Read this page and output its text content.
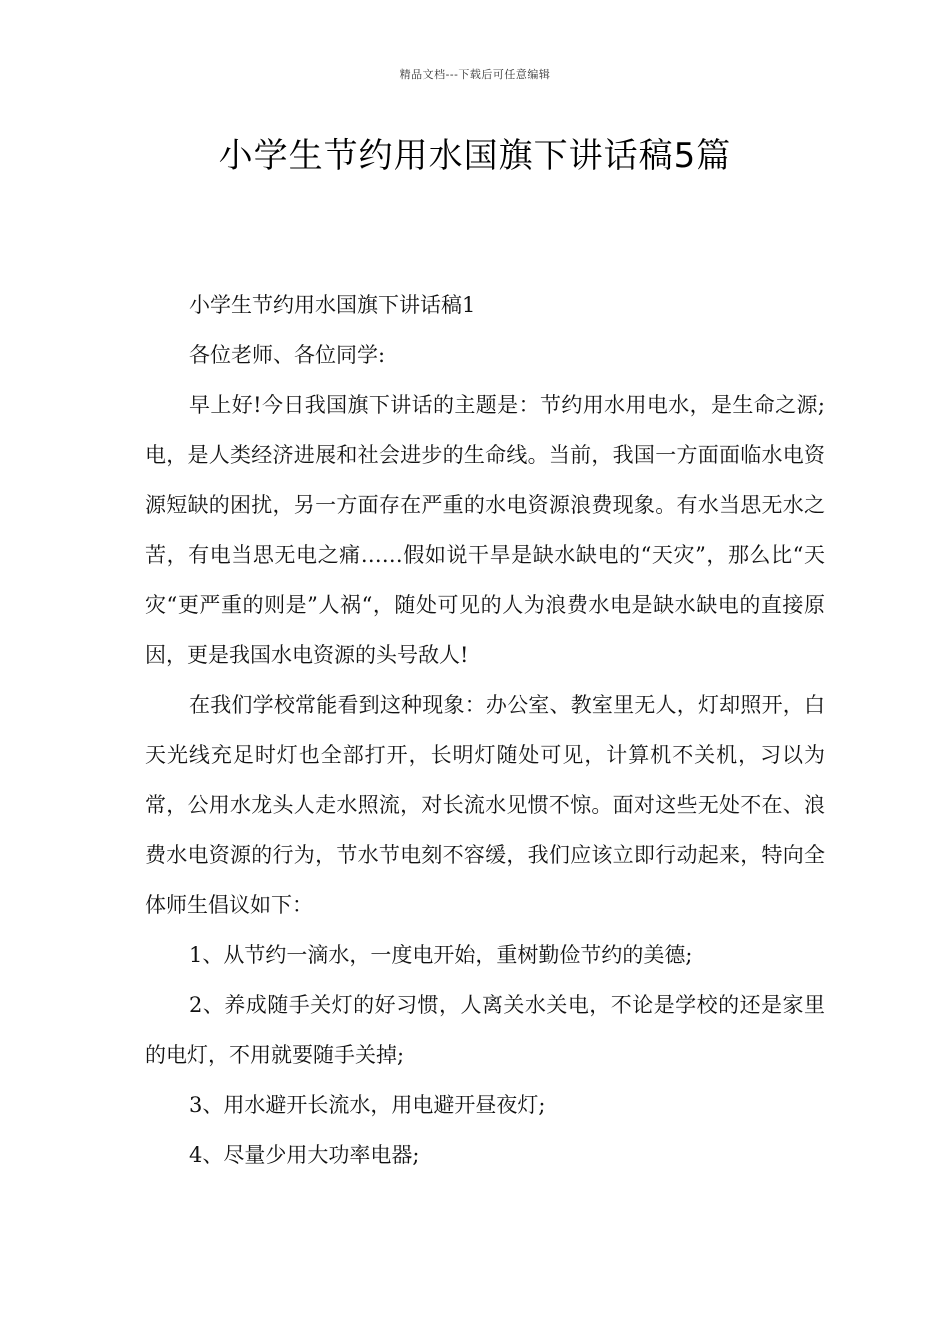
精品文档---下载后可任意编辑
小学生节约用水国旗下讲话稿5篇

小学生节约用水国旗下讲话稿1

各位老师、各位同学:

早上好!今日我国旗下讲话的主题是：节约用水用电水，是生命之源;电，是人类经济进展和社会进步的生命线。当前，我国一方面面临水电资源短缺的困扰，另一方面存在严重的水电资源浪费现象。有水当思无水之苦，有电当思无电之痛……假如说干旱是缺水缺电的“天灾”，那么比“天灾“更严重的则是”人祸“，随处可见的人为浪费水电是缺水缺电的直接原因，更是我国水电资源的头号敌人!

在我们学校常能看到这种现象：办公室、教室里无人，灯却照开，白天光线充足时灯也全部打开，长明灯随处可见，计算机不关机，习以为常，公用水龙头人走水照流，对长流水见惯不惊。面对这些无处不在、浪费水电资源的行为，节水节电刻不容缓，我们应该立即行动起来，特向全体师生倡议如下：

1、从节约一滴水，一度电开始，重树勤俭节约的美德;

2、养成随手关灯的好习惯，人离关水关电，不论是学校的还是家里的电灯，不用就要随手关掉;

3、用水避开长流水，用电避开昼夜灯;

4、尽量少用大功率电器;
